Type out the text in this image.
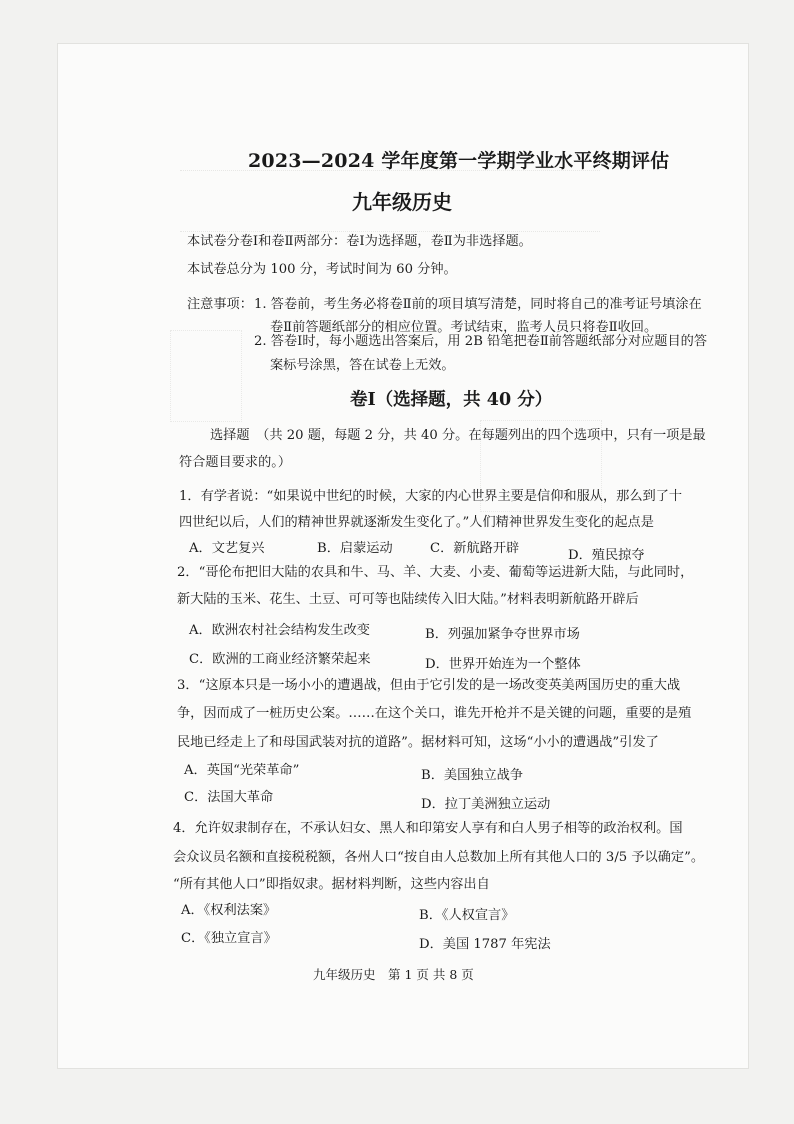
2023—2024 学年度第一学期学业水平终期评估
九年级历史
本试卷分卷Ⅰ和卷Ⅱ两部分：卷Ⅰ为选择题，卷Ⅱ为非选择题。
本试卷总分为 100 分，考试时间为 60 分钟。
注意事项： 1. 答卷前，考生务必将卷Ⅱ前的项目填写清楚，同时将自己的准考证号填涂在
卷Ⅱ前答题纸部分的相应位置。考试结束，监考人员只将卷Ⅱ收回。
2. 答卷Ⅰ时，每小题选出答案后，用 2B 铅笔把卷Ⅱ前答题纸部分对应题目的答
案标号涂黑，答在试卷上无效。
卷Ⅰ（选择题，共 40 分）
选择题　（共 20 题，每题 2 分，共 40 分。在每题列出的四个选项中，只有一项是最
符合题目要求的。）
1．有学者说：“如果说中世纪的时候，大家的内心世界主要是信仰和服从，那么到了十
四世纪以后，人们的精神世界就逐渐发生变化了。”人们精神世界发生变化的起点是
A．文艺复兴	B．启蒙运动	C．新航路开辟	D．殖民掠夺
2．“哥伦布把旧大陆的农具和牛、马、羊、大麦、小麦、葡萄等运进新大陆，与此同时，
新大陆的玉米、花生、土豆、可可等也陆续传入旧大陆。”材料表明新航路开辟后
A．欧洲农村社会结构发生改变	B．列强加紧争夺世界市场
C．欧洲的工商业经济繁荣起来	D．世界开始连为一个整体
3．“这原本只是一场小小的遭遇战，但由于它引发的是一场改变英美两国历史的重大战
争，因而成了一桩历史公案。……在这个关口，谁先开枪并不是关键的问题，重要的是殖
民地已经走上了和母国武装对抗的道路”。据材料可知，这场“小小的遭遇战”引发了
A．英国“光荣革命”	B．美国独立战争
C．法国大革命	D．拉丁美洲独立运动
4．允许奴隶制存在，不承认妇女、黑人和印第安人享有和白人男子相等的政治权利。国
会众议员名额和直接税税额，各州人口“按自由人总数加上所有其他人口的 3/5 予以确定”。
“所有其他人口”即指奴隶。据材料判断，这些内容出自
A．《权利法案》	B．《人权宣言》
C．《独立宣言》	D．美国 1787 年宪法
九年级历史　第 1 页 共 8 页
